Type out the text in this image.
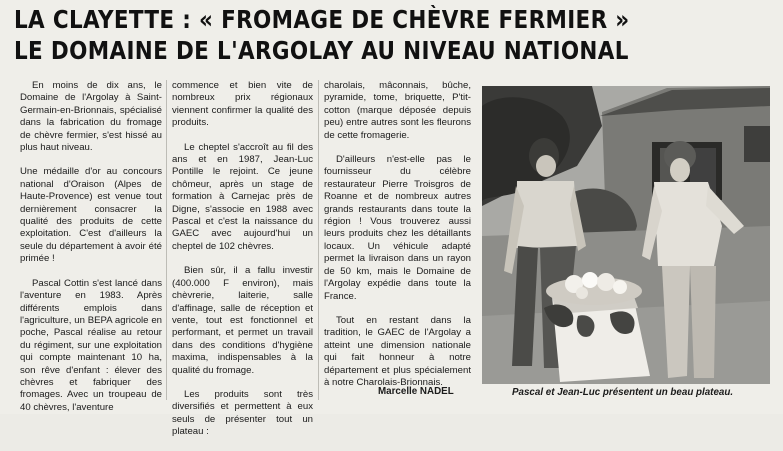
LA CLAYETTE : « FROMAGE DE CHÈVRE FERMIER »
LE DOMAINE DE L'ARGOLAY AU NIVEAU NATIONAL

En moins de dix ans, le Domaine de l'Argolay à Saint-Germain-en-Brionnais, spécialisé dans la fabrication du fromage de chèvre fermier, s'est hissé au plus haut niveau.

Une médaille d'or au concours national d'Oraison (Alpes de Haute-Provence) est venue tout dernièrement consacrer la qualité des produits de cette exploitation. C'est d'ailleurs la seule du département à avoir été primée !

Pascal Cottin s'est lancé dans l'aventure en 1983. Après différents emplois dans l'agriculture, un BEPA agricole en poche, Pascal réalise au retour du régiment, sur une exploitation qui compte maintenant 10 ha, son rêve d'enfant : élever des chèvres et fabriquer des fromages. Avec un troupeau de 40 chèvres, l'aventure

commence et bien vite de nombreux prix régionaux viennent confirmer la qualité des produits.

Le cheptel s'accroît au fil des ans et en 1987, Jean-Luc Pontille le rejoint. Ce jeune chômeur, après un stage de formation à Carnejac près de Digne, s'associe en 1988 avec Pascal et c'est la naissance du GAEC avec aujourd'hui un cheptel de 102 chèvres.

Bien sûr, il a fallu investir (400.000 F environ), mais chèvrerie, laiterie, salle d'affinage, salle de réception et vente, tout est fonctionnel et performant, et permet un travail dans des conditions d'hygiène maxima, indispensables à la qualité du fromage.

Les produits sont très diversifiés et permettent à eux seuls de présenter tout un plateau :

charolais, mâconnais, bûche, pyramide, tome, briquette, P'tit-cotton (marque déposée depuis peu) entre autres sont les fleurons de cette fromagerie.

D'ailleurs n'est-elle pas le fournisseur du célèbre restaurateur Pierre Troisgros de Roanne et de nombreux autres grands restaurants dans toute la région ! Vous trouverez aussi leurs produits chez les détaillants locaux. Un véhicule adapté permet la livraison dans un rayon de 50 km, mais le Domaine de l'Argolay expédie dans toute la France.

Tout en restant dans la tradition, le GAEC de l'Argolay a atteint une dimension nationale qui fait honneur à notre département et plus spécialement à notre Charolais-Brionnais.

Marcelle NADEL	Pascal et Jean-Luc présentent un beau plateau.
